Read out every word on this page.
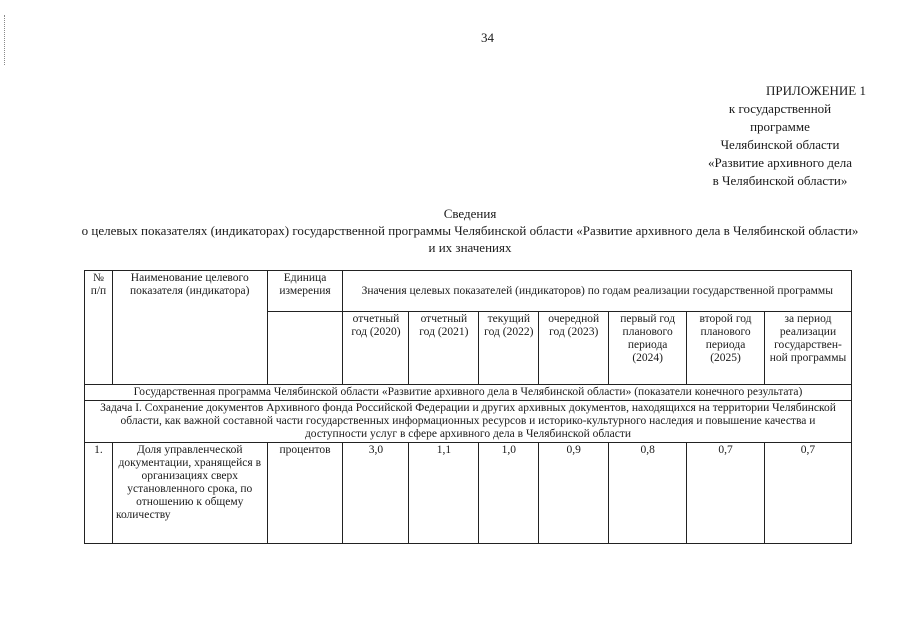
34
ПРИЛОЖЕНИЕ 1
к государственной
программе
Челябинской области
«Развитие архивного дела
в Челябинской области»
Сведения
о целевых показателях (индикаторах) государственной программы Челябинской области «Развитие архивного дела в Челябинской области» и их значениях
№ п/п	Наименование целевого показателя (индикатора)	Единица измерения	Значения целевых показателей (индикаторов) по годам реализации государственной программы						
			отчетный год (2020)	отчетный год (2021)	текущий год (2022)	очередной год (2023)	первый год планового периода (2024)	второй год планового периода (2025)	за период реализации государствен-ной программы
Государственная программа Челябинской области «Развитие архивного дела в Челябинской области» (показатели конечного результата)									
Задача I. Сохранение документов Архивного фонда Российской Федерации и других архивных документов, находящихся на территории Челябинской области, как важной составной части государственных информационных ресурсов и историко-культурного наследия и повышение качества и доступности услуг в сфере архивного дела в Челябинской области									
1.	Доля управленческой документации, хранящейся в организациях сверх установленного срока, по отношению к общему количеству	процентов	3,0	1,1	1,0	0,9	0,8	0,7	0,7
